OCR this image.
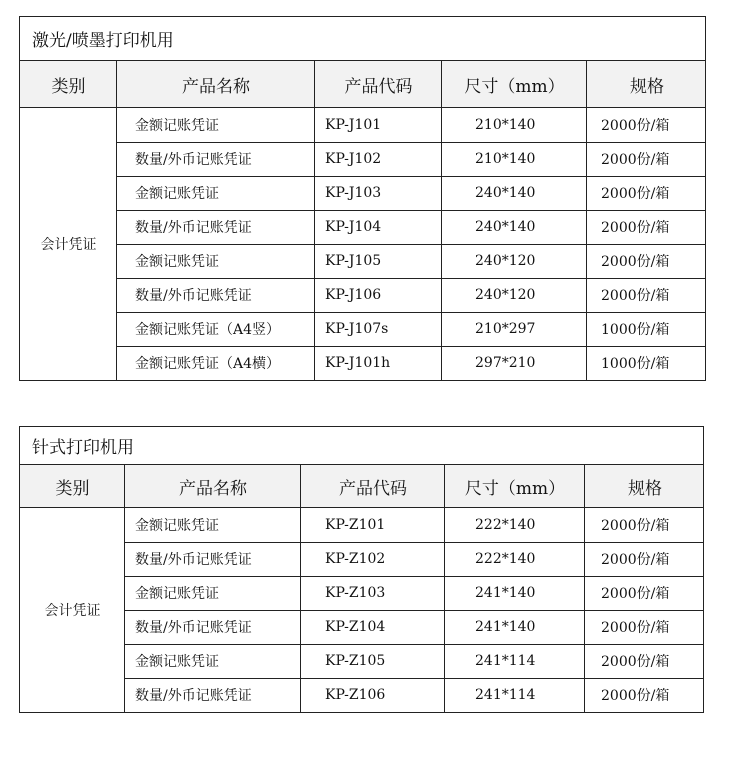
激光/喷墨打印机用
类别	产品名称	产品代码	尺寸（mm）	规格
会计凭证
金额记账凭证	KP-J101	210*140	2000份/箱
数量/外币记账凭证	KP-J102	210*140	2000份/箱
金额记账凭证	KP-J103	240*140	2000份/箱
数量/外币记账凭证	KP-J104	240*140	2000份/箱
金额记账凭证	KP-J105	240*120	2000份/箱
数量/外币记账凭证	KP-J106	240*120	2000份/箱
金额记账凭证（A4竖）	KP-J107s	210*297	1000份/箱
金额记账凭证（A4横）	KP-J101h	297*210	1000份/箱
针式打印机用
类别	产品名称	产品代码	尺寸（mm）	规格
会计凭证
金额记账凭证	KP-Z101	222*140	2000份/箱
数量/外币记账凭证	KP-Z102	222*140	2000份/箱
金额记账凭证	KP-Z103	241*140	2000份/箱
数量/外币记账凭证	KP-Z104	241*140	2000份/箱
金额记账凭证	KP-Z105	241*114	2000份/箱
数量/外币记账凭证	KP-Z106	241*114	2000份/箱
